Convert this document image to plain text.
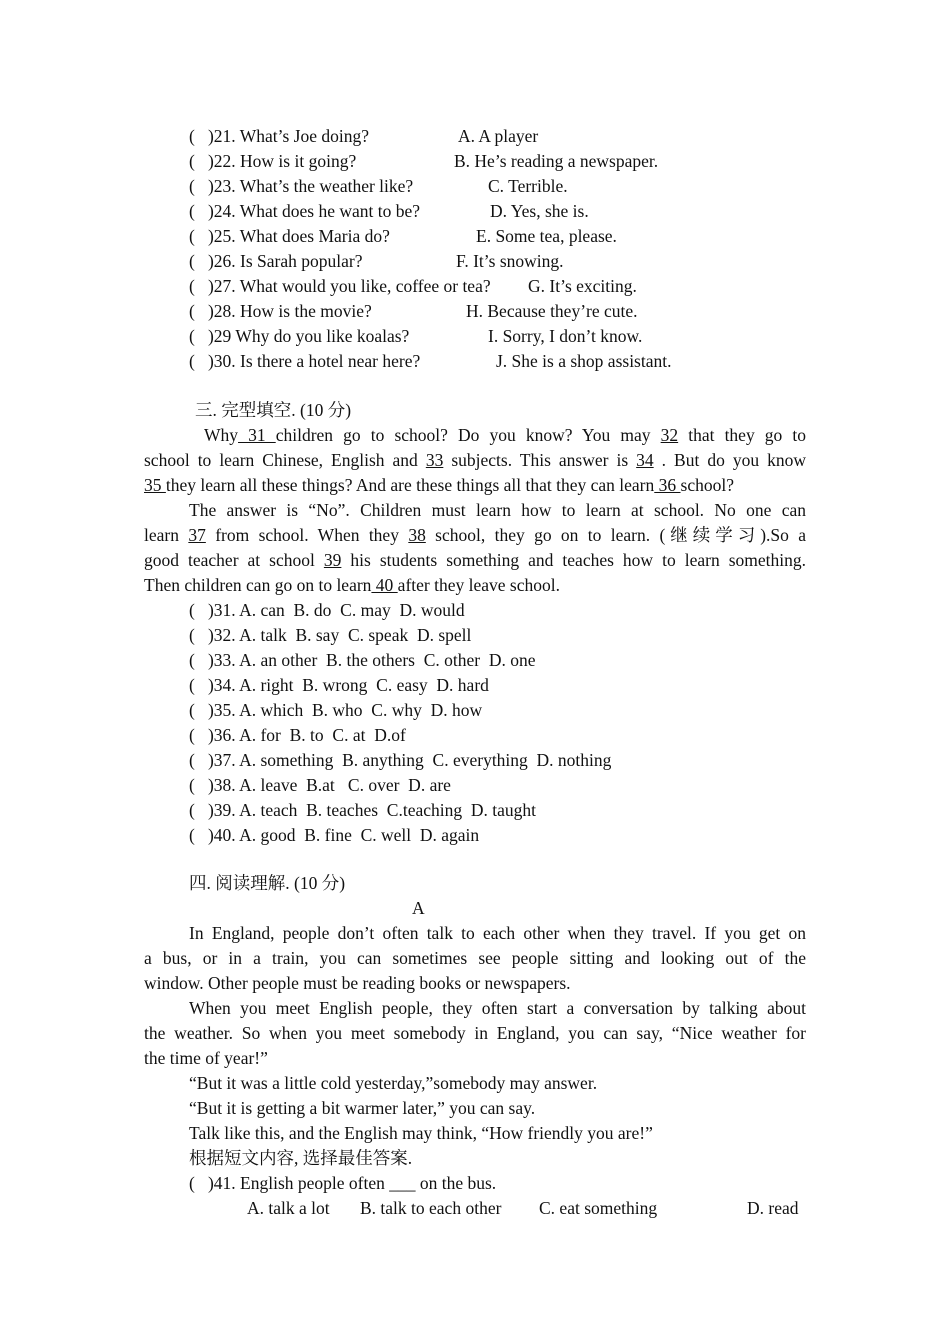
(   )21. What’s Joe doing?	A. A player
(   )22. How is it going?	B. He’s reading a newspaper.
(   )23. What’s the weather like?	C. Terrible.
(   )24. What does he want to be?	D. Yes, she is.
(   )25. What does Maria do?	E. Some tea, please.
(   )26. Is Sarah popular?	F. It’s snowing.
(   )27. What would you like, coffee or tea? G. It’s exciting.
(   )28. How is the movie?	H. Because they’re cute.
(   )29 Why do you like koalas?	I. Sorry, I don’t know.
(   )30. Is there a hotel near here?	J. She is a shop assistant.
三. 完型填空. (10 分)
Why 31 children go to school? Do you know? You may 32 that they go to
school to learn Chinese, English and 33 subjects. This answer is 34 . But do you know
35 they learn all these things? And are these things all that they can learn 36 school?
The answer is “No”. Children must learn how to learn at school. No one can
learn 37 from school. When they 38 school, they go on to learn. (继续学习).So a
good teacher at school 39 his students something and teaches how to learn something.
Then children can go on to learn 40 after they leave school.
(   )31. A. can  B. do  C. may  D. would
(   )32. A. talk  B. say  C. speak  D. spell
(   )33. A. an other  B. the others  C. other  D. one
(   )34. A. right  B. wrong  C. easy  D. hard
(   )35. A. which  B. who  C. why  D. how
(   )36. A. for  B. to  C. at  D.of
(   )37. A. something  B. anything  C. everything  D. nothing
(   )38. A. leave  B.at   C. over  D. are
(   )39. A. teach  B. teaches  C.teaching  D. taught
(   )40. A. good  B. fine  C. well  D. again
四. 阅读理解. (10 分)
A
In England, people don’t often talk to each other when they travel. If you get on
a bus, or in a train, you can sometimes see people sitting and looking out of the
window. Other people must be reading books or newspapers.
When you meet English people, they often start a conversation by talking about
the weather. So when you meet somebody in England, you can say, “Nice weather for
the time of year!”
“But it was a little cold yesterday,”somebody may answer.
“But it is getting a bit warmer later,” you can say.
Talk like this, and the English may think, “How friendly you are!”
根据短文内容, 选择最佳答案.
(   )41. English people often ___ on the bus.
A. talk a lot B. talk to each other C. eat something	D. read
